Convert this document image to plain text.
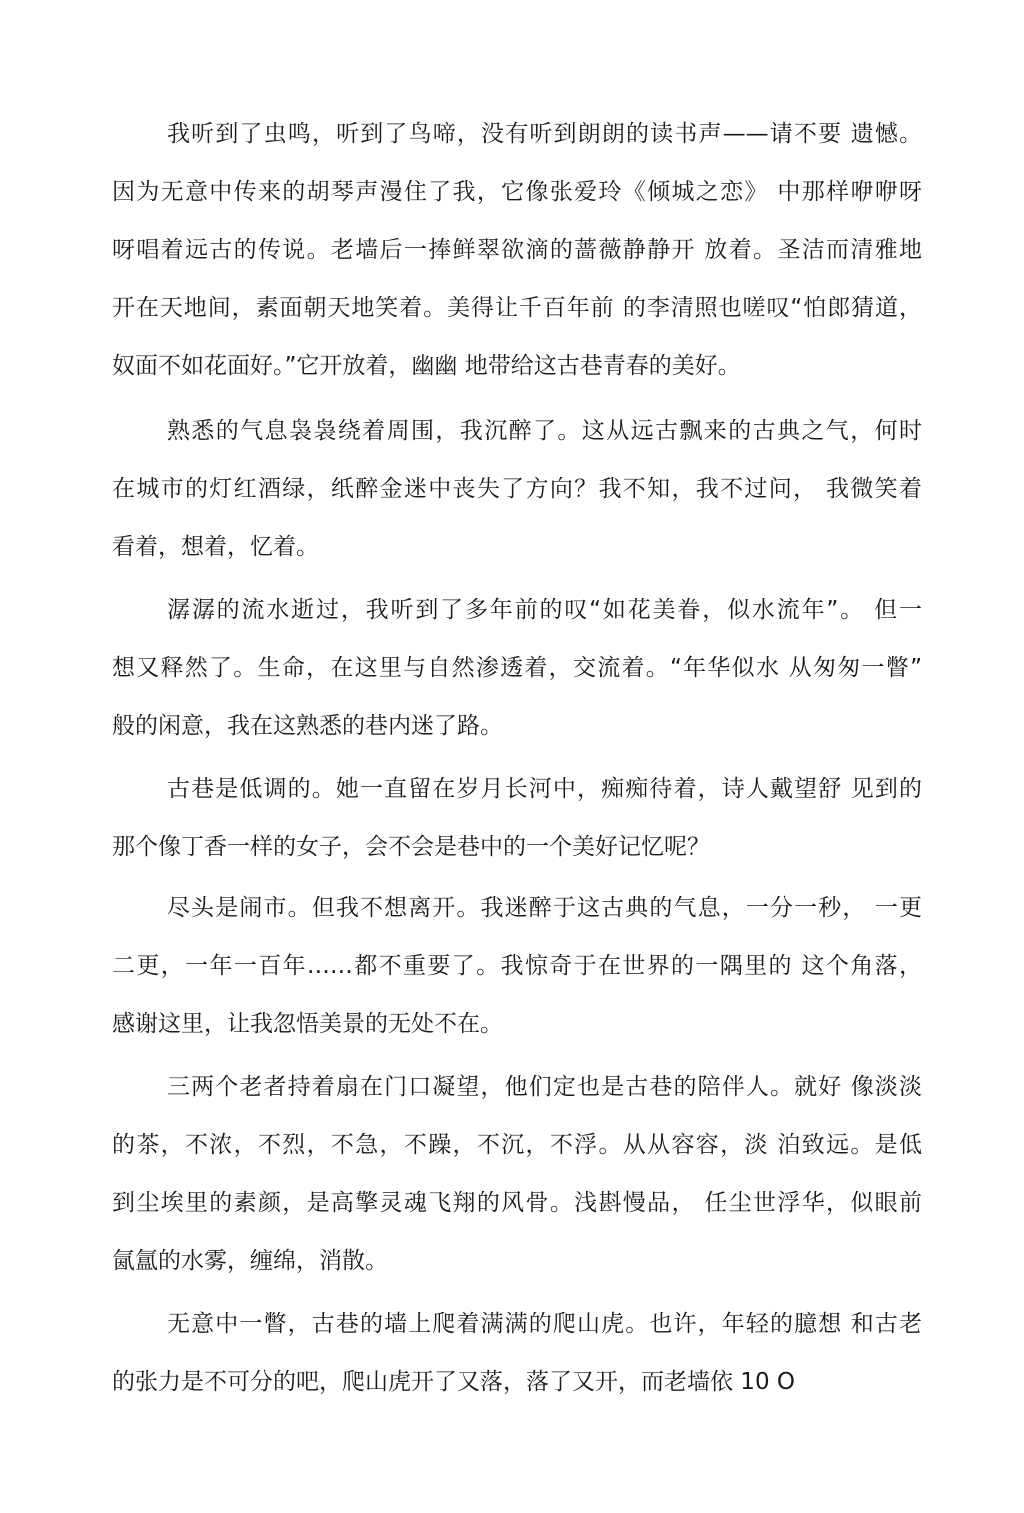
我听到了虫鸣，听到了鸟啼，没有听到朗朗的读书声——请不要 遗憾。
因为无意中传来的胡琴声漫住了我，它像张爱玲《倾城之恋》 中那样咿咿呀
呀唱着远古的传说。老墙后一捧鲜翠欲滴的蔷薇静静开 放着。圣洁而清雅地
开在天地间，素面朝天地笑着。美得让千百年前 的李清照也嗟叹“怕郎猜道，
奴面不如花面好。”它开放着，幽幽 地带给这古巷青春的美好。
熟悉的气息袅袅绕着周围，我沉醉了。这从远古飘来的古典之气，何时
在城市的灯红酒绿，纸醉金迷中丧失了方向？我不知，我不过问， 我微笑着
看着，想着，忆着。
潺潺的流水逝过，我听到了多年前的叹“如花美眷，似水流年”。 但一
想又释然了。生命，在这里与自然渗透着，交流着。“年华似水 从匆匆一瞥”
般的闲意，我在这熟悉的巷内迷了路。
古巷是低调的。她一直留在岁月长河中，痴痴待着，诗人戴望舒 见到的
那个像丁香一样的女子，会不会是巷中的一个美好记忆呢？
尽头是闹市。但我不想离开。我迷醉于这古典的气息，一分一秒， 一更
二更，一年一百年……都不重要了。我惊奇于在世界的一隅里的 这个角落，
感谢这里，让我忽悟美景的无处不在。
三两个老者持着扇在门口凝望，他们定也是古巷的陪伴人。就好 像淡淡
的茶，不浓，不烈，不急，不躁，不沉，不浮。从从容容，淡 泊致远。是低
到尘埃里的素颜，是高擎灵魂飞翔的风骨。浅斟慢品， 任尘世浮华，似眼前
氤氲的水雾，缠绵，消散。
无意中一瞥，古巷的墙上爬着满满的爬山虎。也许，年轻的臆想 和古老
的张力是不可分的吧，爬山虎开了又落，落了又开，而老墙依 10 O
